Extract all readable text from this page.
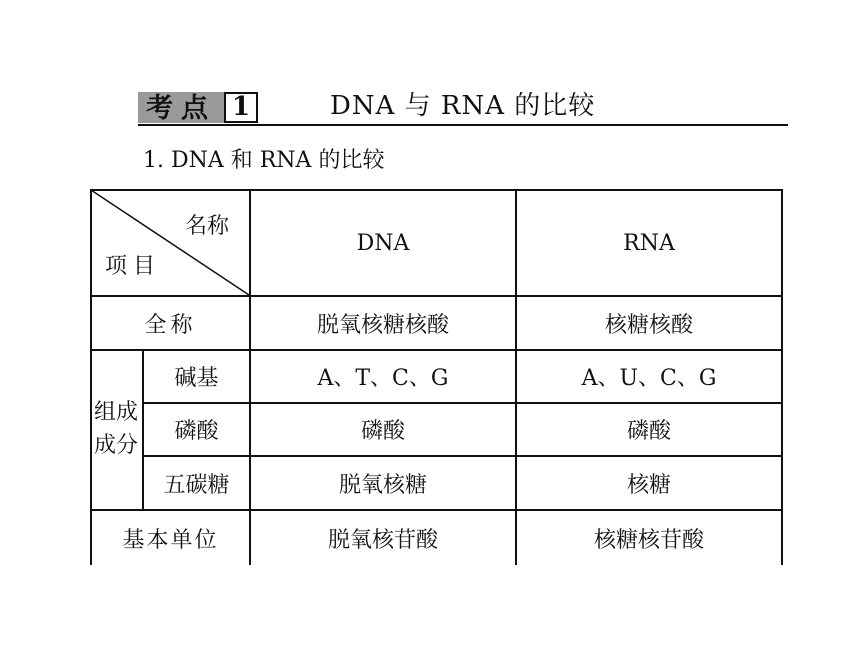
考点 1	DNA 与 RNA 的比较
1. DNA 和 RNA 的比较
名称
项目
DNA	RNA
全称	脱氧核糖核酸	核糖核酸
组成成分
碱基	A、T、C、G	A、U、C、G
磷酸	磷酸	磷酸
五碳糖	脱氧核糖	核糖
基本单位	脱氧核苷酸	核糖核苷酸
